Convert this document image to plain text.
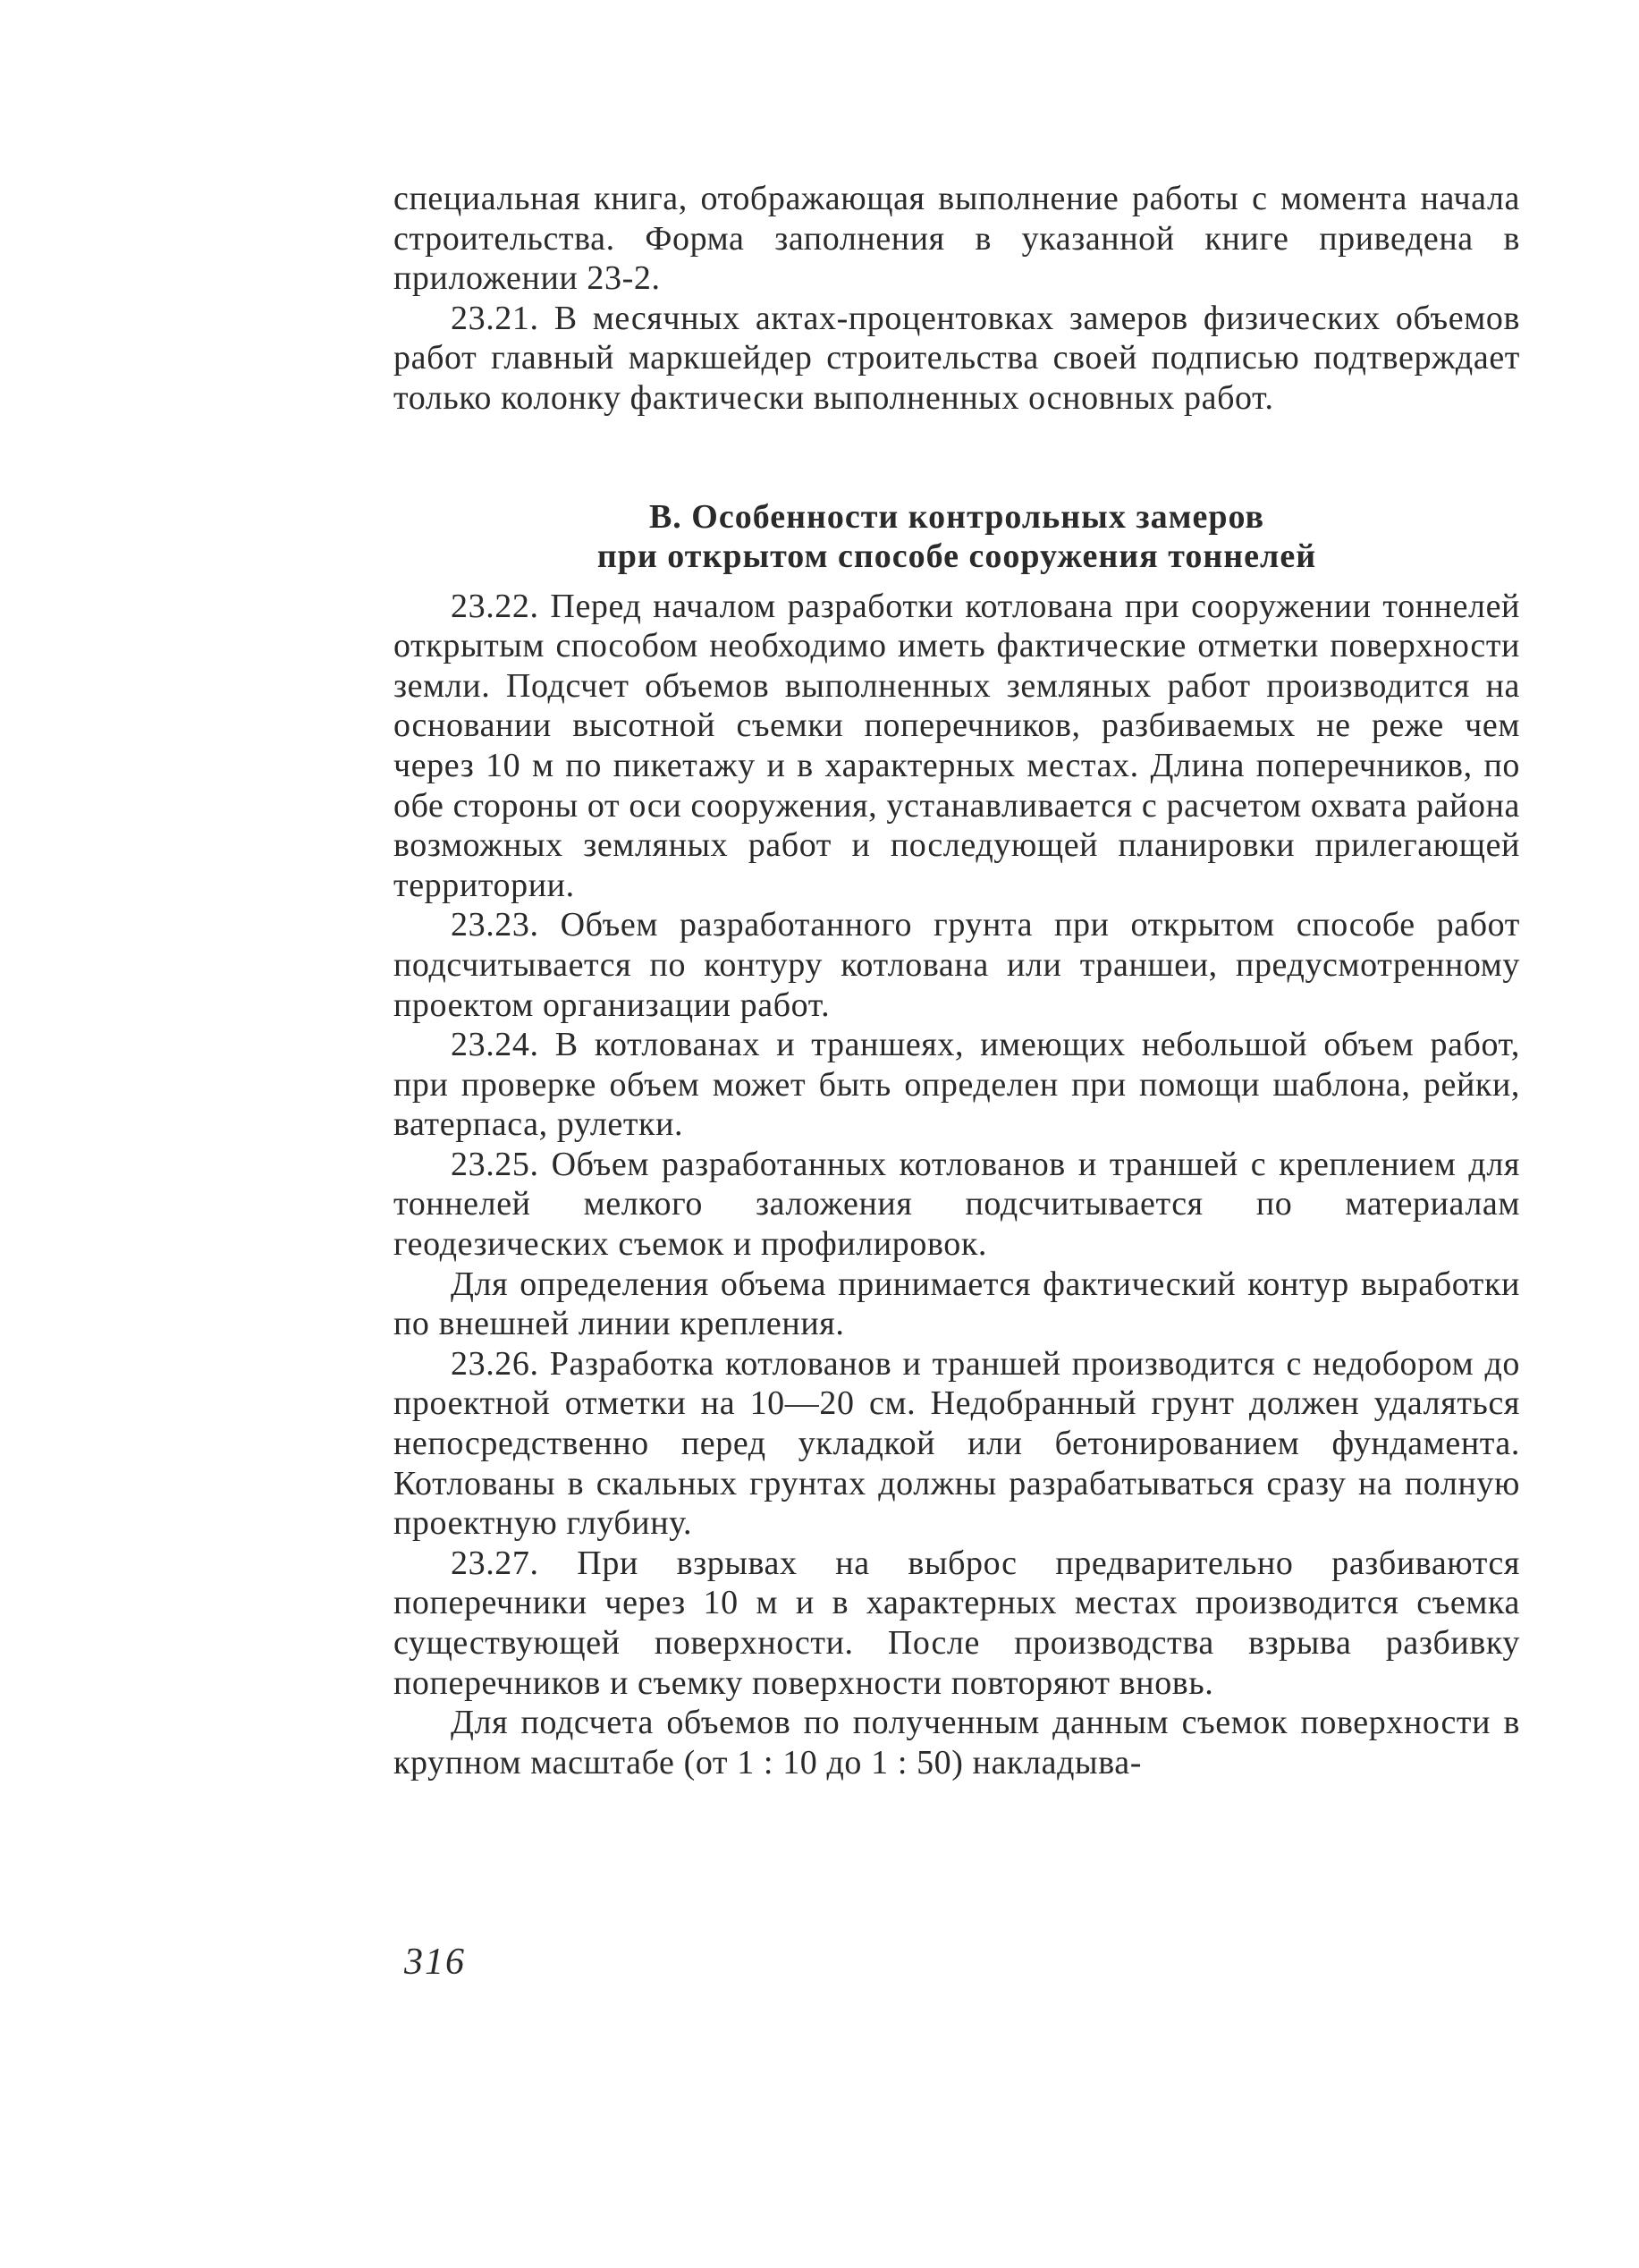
специальная книга, отображающая выполнение работы с момента начала строительства. Форма заполнения в указанной книге приведена в приложении 23-2.

23.21. В месячных актах-процентовках замеров физических объемов работ главный маркшейдер строительства своей подписью подтверждает только колонку фактически выполненных основных работ.

В. Особенности контрольных замеров
при открытом способе сооружения тоннелей

23.22. Перед началом разработки котлована при сооружении тоннелей открытым способом необходимо иметь фактические отметки поверхности земли. Подсчет объемов выполненных земляных работ производится на основании высотной съемки поперечников, разбиваемых не реже чем через 10 м по пикетажу и в характерных местах. Длина поперечников, по обе стороны от оси сооружения, устанавливается с расчетом охвата района возможных земляных работ и последующей планировки прилегающей территории.

23.23. Объем разработанного грунта при открытом способе работ подсчитывается по контуру котлована или траншеи, предусмотренному проектом организации работ.

23.24. В котлованах и траншеях, имеющих небольшой объем работ, при проверке объем может быть определен при помощи шаблона, рейки, ватерпаса, рулетки.

23.25. Объем разработанных котлованов и траншей с креплением для тоннелей мелкого заложения подсчитывается по материалам геодезических съемок и профилировок.

Для определения объема принимается фактический контур выработки по внешней линии крепления.

23.26. Разработка котлованов и траншей производится с недобором до проектной отметки на 10—20 см. Недобранный грунт должен удаляться непосредственно перед укладкой или бетонированием фундамента. Котлованы в скальных грунтах должны разрабатываться сразу на полную проектную глубину.

23.27. При взрывах на выброс предварительно разбиваются поперечники через 10 м и в характерных местах производится съемка существующей поверхности. После производства взрыва разбивку поперечников и съемку поверхности повторяют вновь.

Для подсчета объемов по полученным данным съемок поверхности в крупном масштабе (от 1 : 10 до 1 : 50) накладыва-

316
